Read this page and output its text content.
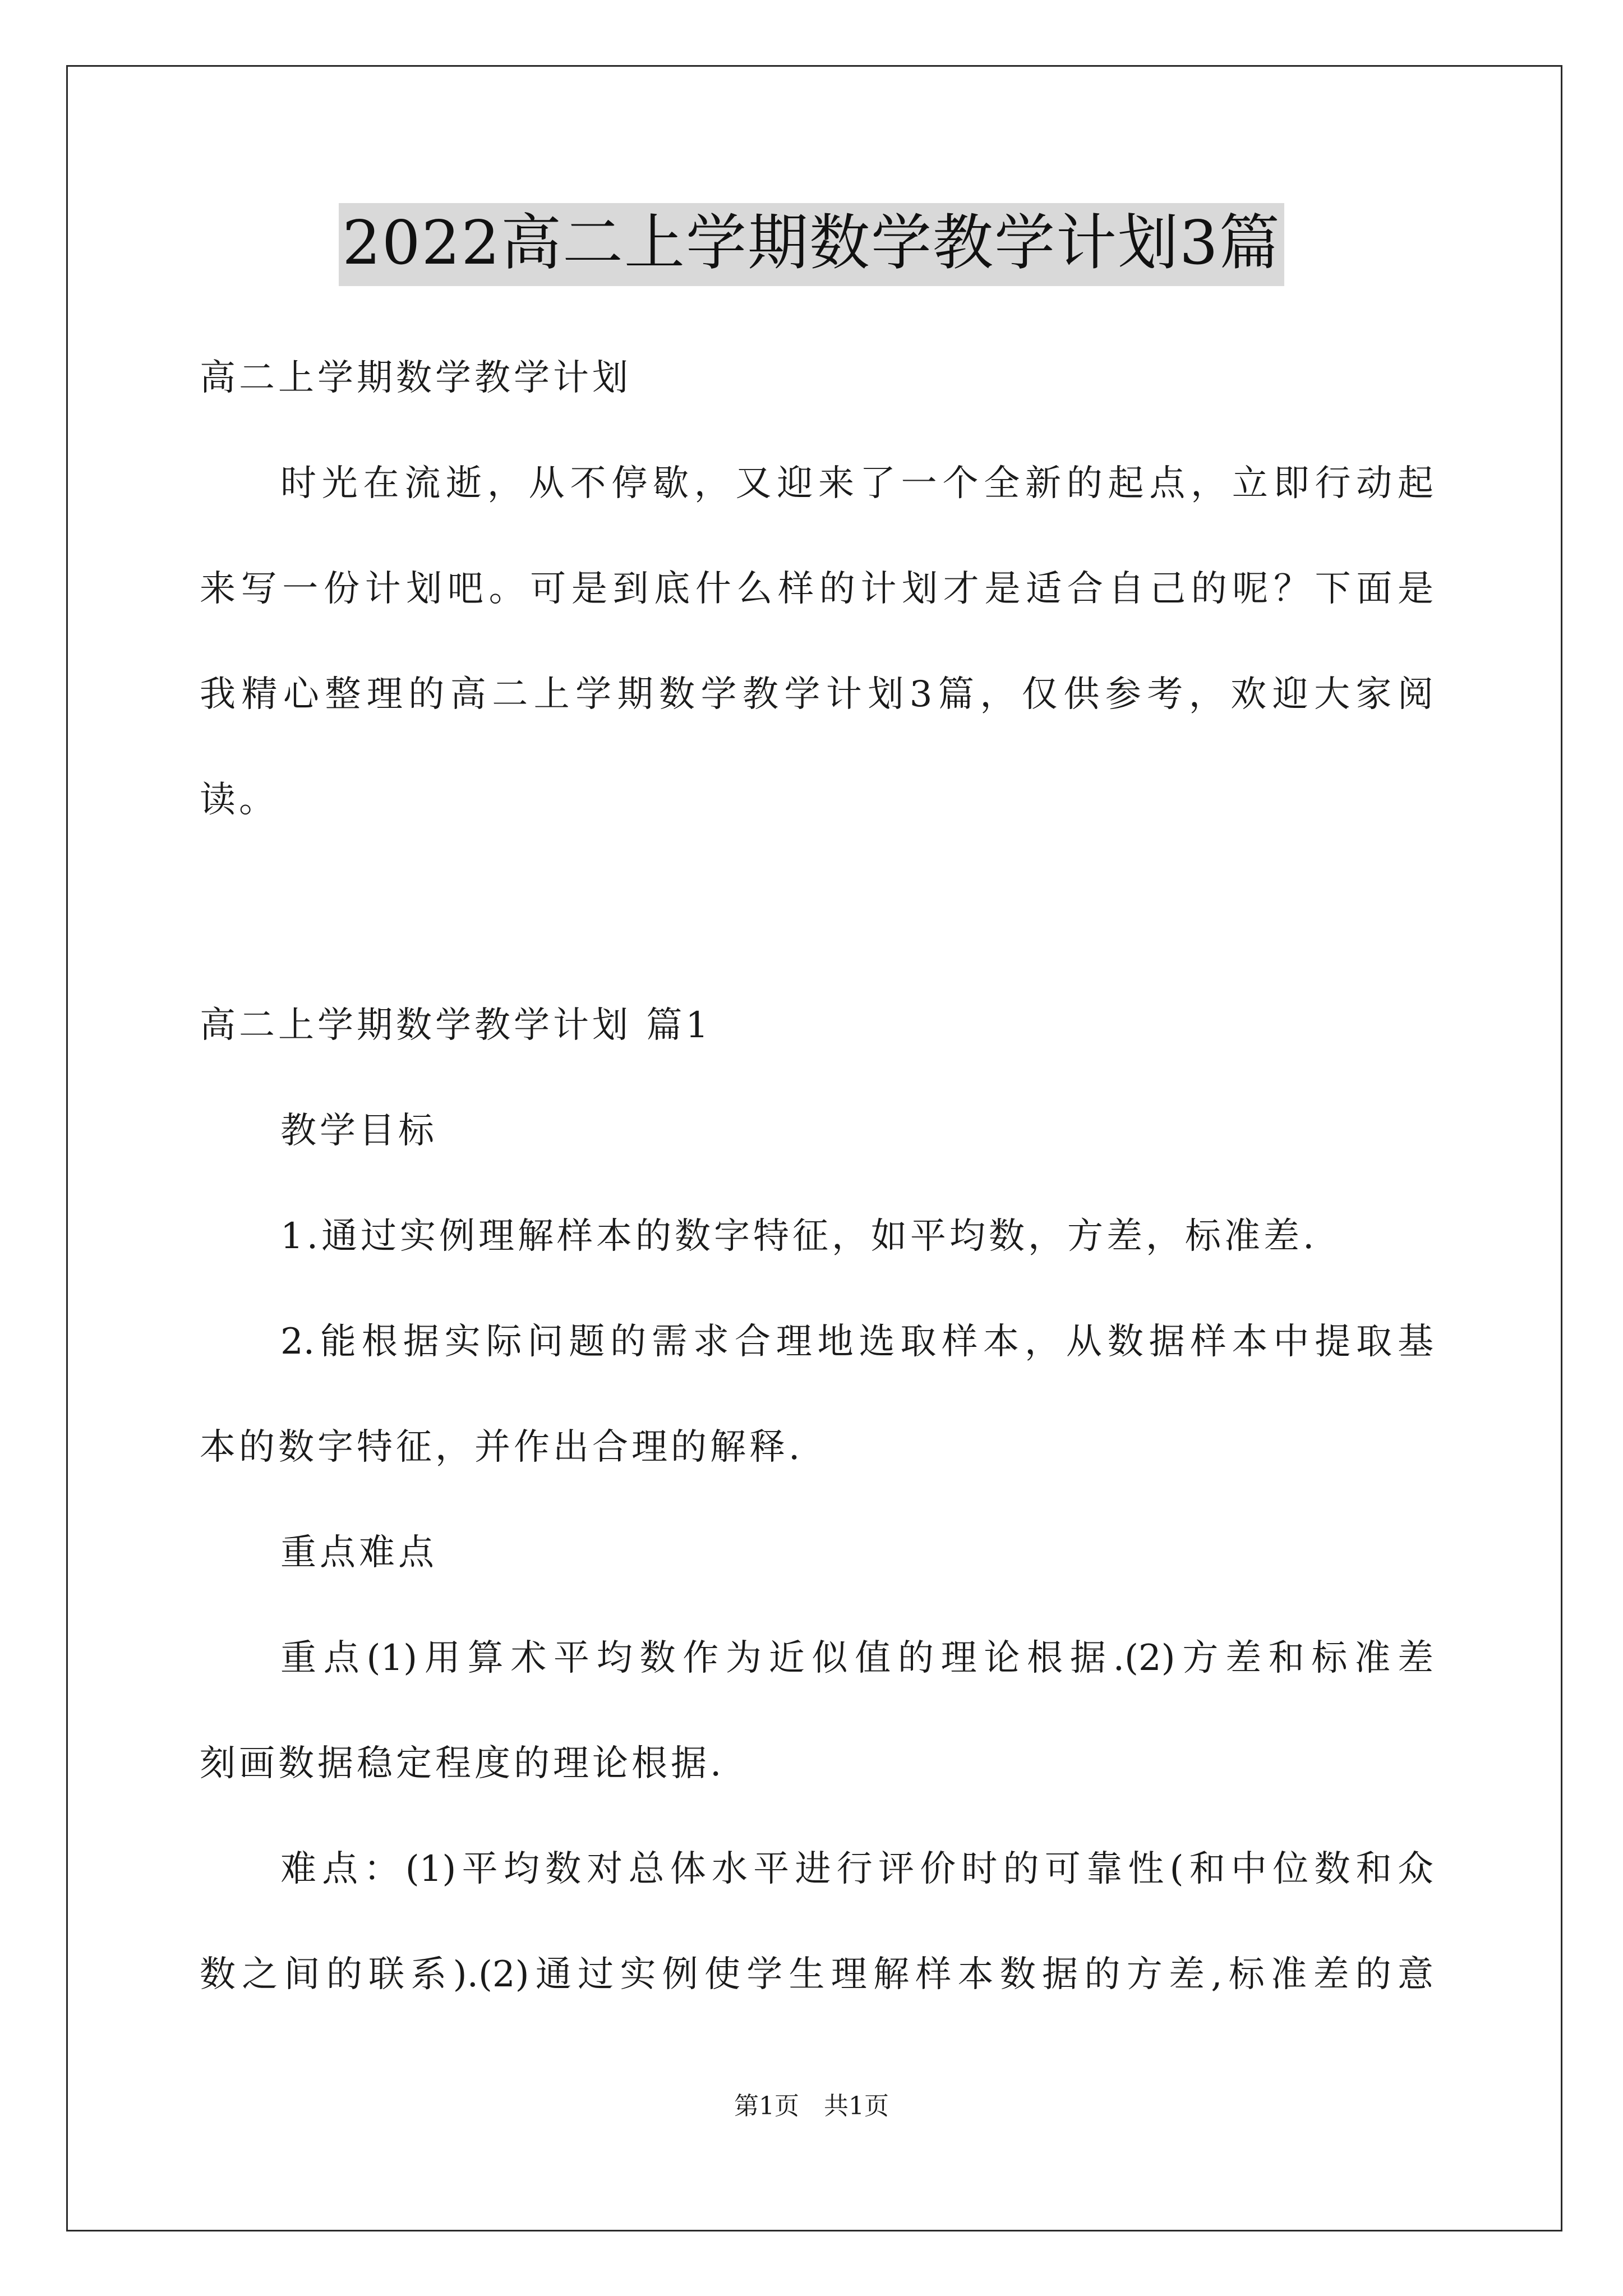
2022高二上学期数学教学计划3篇
高二上学期数学教学计划
时光在流逝，从不停歇，又迎来了一个全新的起点，立即行动起
来写一份计划吧。可是到底什么样的计划才是适合自己的呢？下面是
我精心整理的高二上学期数学教学计划3篇，仅供参考，欢迎大家阅
读。
高二上学期数学教学计划 篇1
教学目标
1.通过实例理解样本的数字特征，如平均数，方差，标准差.
2.能根据实际问题的需求合理地选取样本，从数据样本中提取基
本的数字特征，并作出合理的解释.
重点难点
重点(1)用算术平均数作为近似值的理论根据.(2)方差和标准差
刻画数据稳定程度的理论根据.
难点：(1)平均数对总体水平进行评价时的可靠性(和中位数和众
数之间的联系).(2)通过实例使学生理解样本数据的方差,标准差的意
第1页　共1页
